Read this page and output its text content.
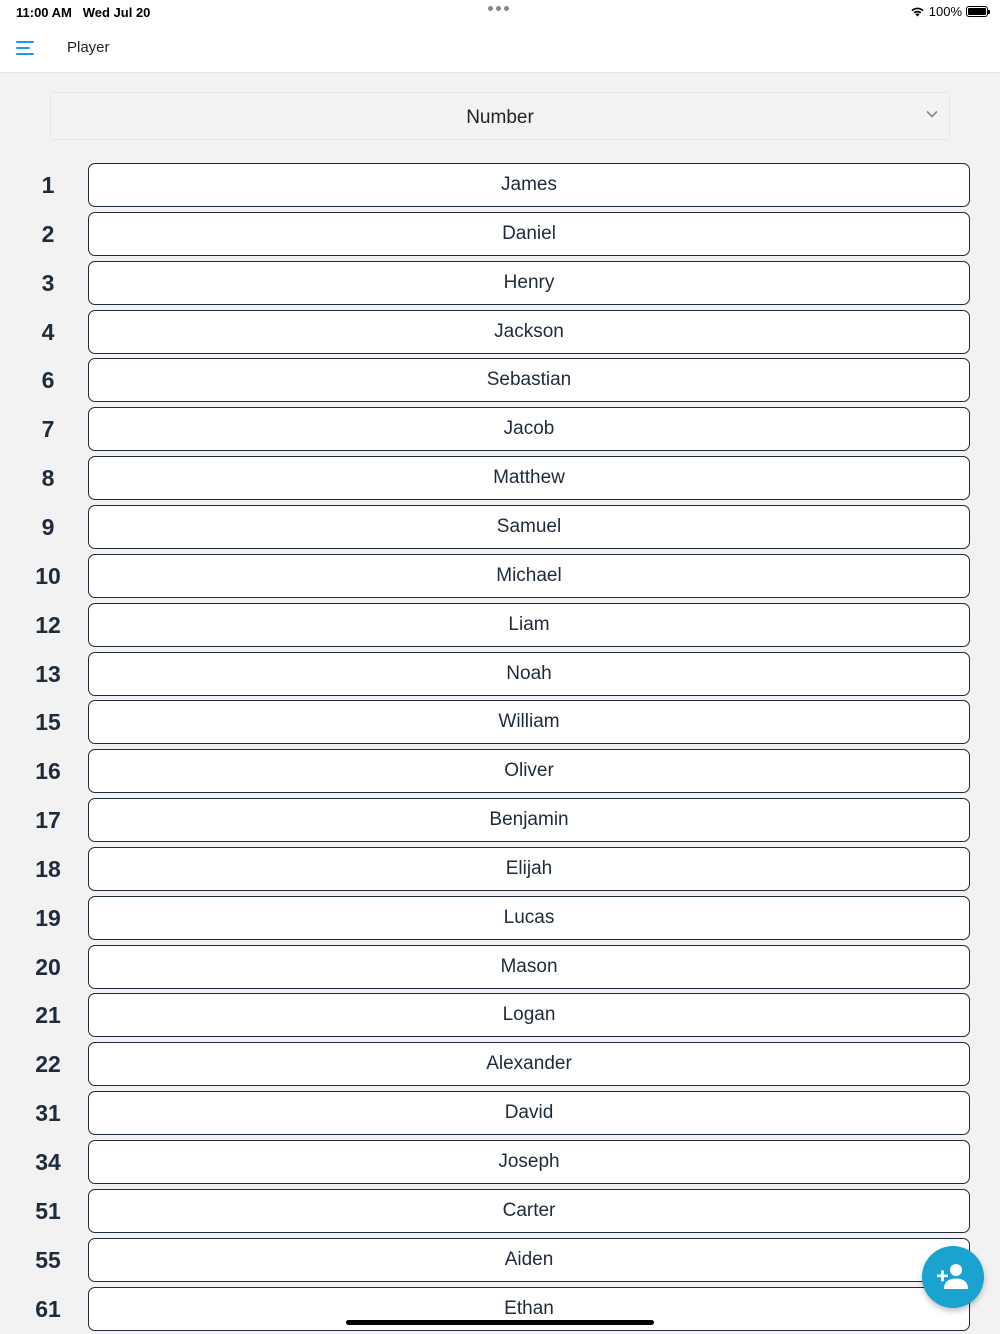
11:00 AM Wed Jul 20	100%
Player
Number
1	James
2	Daniel
3	Henry
4	Jackson
6	Sebastian
7	Jacob
8	Matthew
9	Samuel
10	Michael
12	Liam
13	Noah
15	William
16	Oliver
17	Benjamin
18	Elijah
19	Lucas
20	Mason
21	Logan
22	Alexander
31	David
34	Joseph
51	Carter
55	Aiden
61	Ethan
